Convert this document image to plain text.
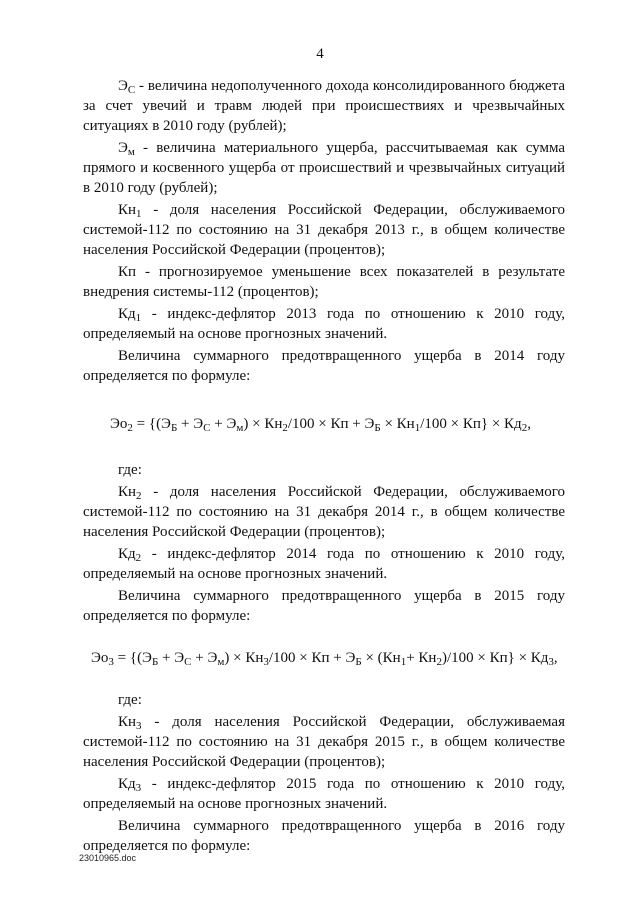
4

$Э_С$ - величина недополученного дохода консолидированного бюджета за счет увечий и травм людей при происшествиях и чрезвычайных ситуациях в 2010 году (рублей);

$Э_м$ - величина материального ущерба, рассчитываемая как сумма прямого и косвенного ущерба от происшествий и чрезвычайных ситуаций в 2010 году (рублей);

$Кн_1$ - доля населения Российской Федерации, обслуживаемого системой-112 по состоянию на 31 декабря 2013 г., в общем количестве населения Российской Федерации (процентов);

Кп - прогнозируемое уменьшение всех показателей в результате внедрения системы-112 (процентов);

$Кд_1$ - индекс-дефлятор 2013 года по отношению к 2010 году, определяемый на основе прогнозных значений.

Величина суммарного предотвращенного ущерба в 2014 году определяется по формуле:

$Эо_2 = \{(Э_Б + Э_С + Э_м) \times Кн_2/100$ × Кп + $Э_Б \times Кн_1/100 \times Кп\} \times Кд_2$,

где:

$Кн_2$ - доля населения Российской Федерации, обслуживаемого системой-112 по состоянию на 31 декабря 2014 г., в общем количестве населения Российской Федерации (процентов);

$Кд_2$ - индекс-дефлятор 2014 года по отношению к 2010 году, определяемый на основе прогнозных значений.

Величина суммарного предотвращенного ущерба в 2015 году определяется по формуле:

$Эо_3 = \{(Э_Б + Э_С + Э_м) \times Кн_3/100$ × Кп + $Э_Б \times (Кн_1+ Кн_2)/100 \times Кп\} \times Кд_3$,

где:

$Кн_3$ - доля населения Российской Федерации, обслуживаемая системой-112 по состоянию на 31 декабря 2015 г., в общем количестве населения Российской Федерации (процентов);

$Кд_3$ - индекс-дефлятор 2015 года по отношению к 2010 году, определяемый на основе прогнозных значений.

Величина суммарного предотвращенного ущерба в 2016 году определяется по формуле:

23010965.doc
